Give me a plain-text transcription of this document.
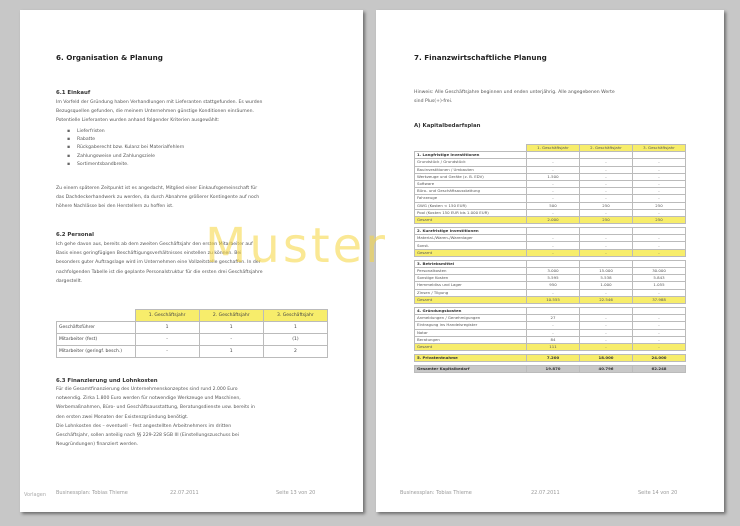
6. Organisation & Planung
6.1 Einkauf
Im Vorfeld der Gründung haben Verhandlungen mit Lieferanten stattgefunden. Es wurden
Bezugsquellen gefunden, die meinem Unternehmen günstige Konditionen einräumen.
Potentielle Lieferanten wurden anhand folgender Kriterien ausgewählt:
▪ Lieferfristen
▪ Rabatte
▪ Rückgaberecht bzw. Kulanz bei Materialfehlern
▪ Zahlungsweise und Zahlungsziele
▪ Sortimentsbandbreite.
Zu einem späteren Zeitpunkt ist es angedacht, Mitglied einer Einkaufsgemeinschaft für
das Dachdeckerhandwerk zu werden, da durch Abnahme größerer Kontingente auf noch
höhere Nachlässe bei den Herstellern zu hoffen ist.
6.2 Personal
Ich gehe davon aus, bereits ab dem zweiten Geschäftsjahr den ersten Mitarbeiter auf
Basis eines geringfügigen Beschäftigungsverhältnisses einstellen zu können. Bei
besonders guter Auftragslage wird im Unternehmen eine Vollzeitstelle geschaffen. In der
nachfolgenden Tabelle ist die geplante Personalstruktur für die ersten drei Geschäftsjahre
dargestellt.
	1. Geschäftsjahr	2. Geschäftsjahr	3. Geschäftsjahr
Geschäftsführer	1	1	1
Mitarbeiter (fest)	-	-	(1)
Mitarbeiter (geringf. besch.)	-	1	2
6.3 Finanzierung und Lohnkosten
Für die Gesamtfinanzierung des Unternehmenskonzeptes sind rund 2.000 Euro
notwendig. Zirka 1.800 Euro werden für notwendige Werkzeuge und Maschinen,
Werbemaßnahmen, Büro- und Geschäftsausstattung, Beratungsdienste usw. bereits in
den ersten zwei Monaten der Existenzgründung benötigt.
Die Lohnkosten des – eventuell – fest angestellten Arbeitnehmers im dritten
Geschäftsjahr, sollen anteilig nach §§ 229-228 SGB III (Einstellungszuschuss bei
Neugründungen) finanziert werden.
Businessplan: Tobias Thieme	22.07.2011	Seite 13 von 20
Vorlagen
7. Finanzwirtschaftliche Planung
Hinweis: Alle Geschäftsjahre beginnen und enden unterjährig. Alle angegebenen Werte
sind Plus(+)-frei.
A) Kapitalbedarfsplan
	1. Geschäftsjahr	2. Geschäftsjahr	3. Geschäftsjahr
1. Langfristige Investitionen			
Grundstück / Grundstück	-	-	-
Bauinvestitionen / Umbauten	-	-	-
Werkzeuge und Geräte (z. B. EDV)	1.500	-	-
Software	-	-	-
Büro- und Geschäftsausstattung	-	-	-
Fahrzeuge	-	-	-
GWG (Kosten < 150 EUR)	500	250	250
Pool (Kosten 150 EUR bis 1.000 EUR)	-	-	-
Gesamt	2.000	250	250

2. Kurzfristige Investitionen			
Material-/Waren-/Warenlager	-	-	-
Sonst.	-	-	-
Gesamt	-	-	-

3. Betriebsmittel			
Personalkosten	3.000	15.000	30.000
Sonstige Kosten	5.595	5.538	5.843
Hemmeldiss und Lager	950	1.000	1.055
Zinsen / Tilgung	-	-	-
Gesamt	10.555	22.546	37.988

4. Gründungskosten			
Anmeldungen / Genehmigungen	27	-	-
Eintragung ins Handelsregister	-	-	-
Notar	-	-	-
Beratungen	84	-	-
Gesamt	111	-	-

5. Privatentnahme	7.200	18.000	24.000

Gesamter Kapitalbedarf	19.870	40.796	62.248
Businessplan: Tobias Thieme	22.07.2011	Seite 14 von 20
Muster
